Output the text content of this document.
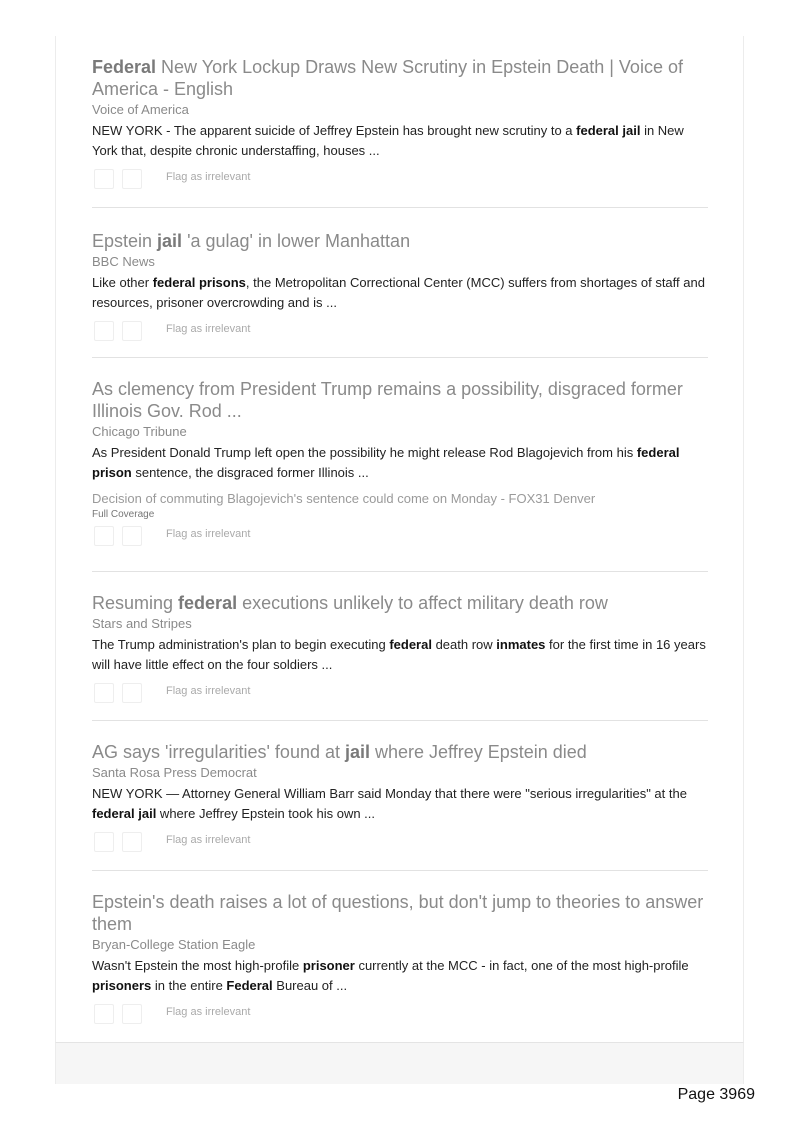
Federal New York Lockup Draws New Scrutiny in Epstein Death | Voice of America - English
Voice of America
NEW YORK - The apparent suicide of Jeffrey Epstein has brought new scrutiny to a federal jail in New York that, despite chronic understaffing, houses ...
Flag as irrelevant
Epstein jail 'a gulag' in lower Manhattan
BBC News
Like other federal prisons, the Metropolitan Correctional Center (MCC) suffers from shortages of staff and resources, prisoner overcrowding and is ...
Flag as irrelevant
As clemency from President Trump remains a possibility, disgraced former Illinois Gov. Rod ...
Chicago Tribune
As President Donald Trump left open the possibility he might release Rod Blagojevich from his federal prison sentence, the disgraced former Illinois ...
Decision of commuting Blagojevich's sentence could come on Monday - FOX31 Denver
Full Coverage
Flag as irrelevant
Resuming federal executions unlikely to affect military death row
Stars and Stripes
The Trump administration's plan to begin executing federal death row inmates for the first time in 16 years will have little effect on the four soldiers ...
Flag as irrelevant
AG says 'irregularities' found at jail where Jeffrey Epstein died
Santa Rosa Press Democrat
NEW YORK — Attorney General William Barr said Monday that there were "serious irregularities" at the federal jail where Jeffrey Epstein took his own ...
Flag as irrelevant
Epstein's death raises a lot of questions, but don't jump to theories to answer them
Bryan-College Station Eagle
Wasn't Epstein the most high-profile prisoner currently at the MCC - in fact, one of the most high-profile prisoners in the entire Federal Bureau of ...
Flag as irrelevant
Page 3969
